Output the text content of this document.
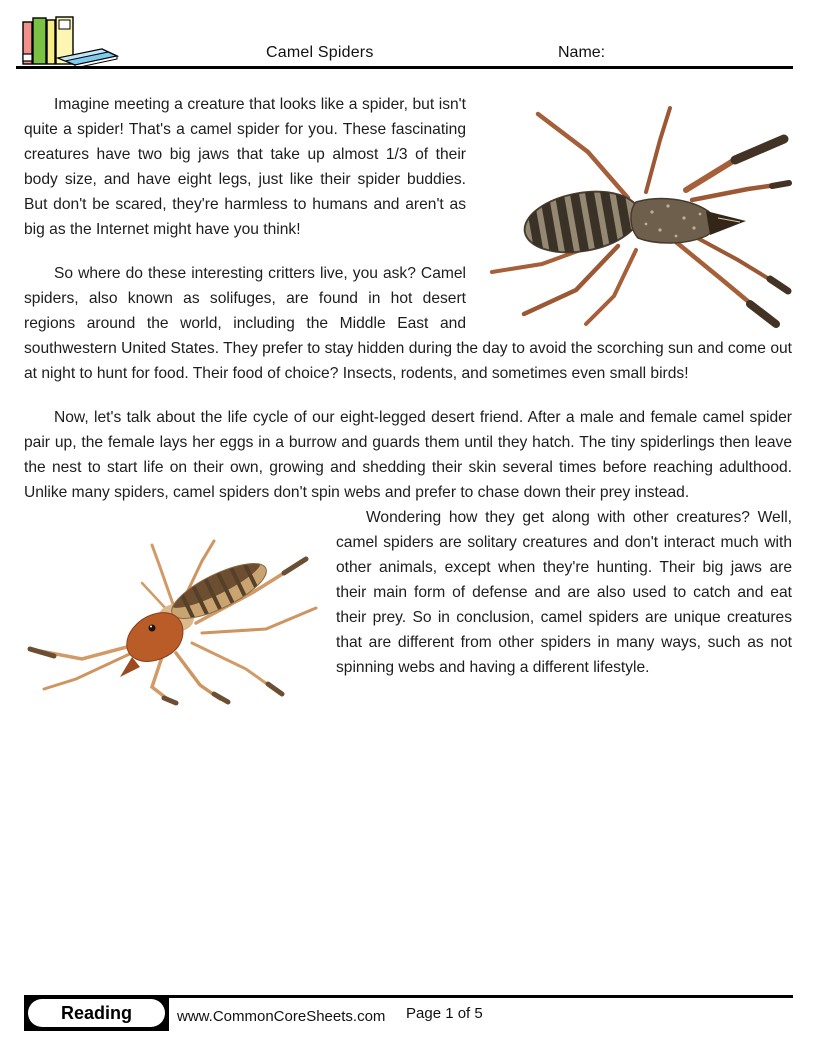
Camel Spiders	Name:

Imagine meeting a creature that looks like a spider, but isn't quite a spider! That's a camel spider for you. These fascinating creatures have two big jaws that take up almost 1/3 of their body size, and have eight legs, just like their spider buddies. But don't be scared, they're harmless to humans and aren't as big as the Internet might have you think!

So where do these interesting critters live, you ask? Camel spiders, also known as solifuges, are found in hot desert regions around the world, including the Middle East and southwestern United States. They prefer to stay hidden during the day to avoid the scorching sun and come out at night to hunt for food. Their food of choice? Insects, rodents, and sometimes even small birds!

Now, let's talk about the life cycle of our eight-legged desert friend. After a male and female camel spider pair up, the female lays her eggs in a burrow and guards them until they hatch. The tiny spiderlings then leave the nest to start life on their own, growing and shedding their skin several times before reaching adulthood. Unlike many spiders, camel spiders don't spin webs and prefer to chase down their prey instead.

Wondering how they get along with other creatures? Well, camel spiders are solitary creatures and don't interact much with other animals, except when they're hunting. Their big jaws are their main form of defense and are also used to catch and eat their prey. So in conclusion, camel spiders are unique creatures that are different from other spiders in many ways, such as not spinning webs and having a different lifestyle.

Reading	www.CommonCoreSheets.com Page 1 of 5
